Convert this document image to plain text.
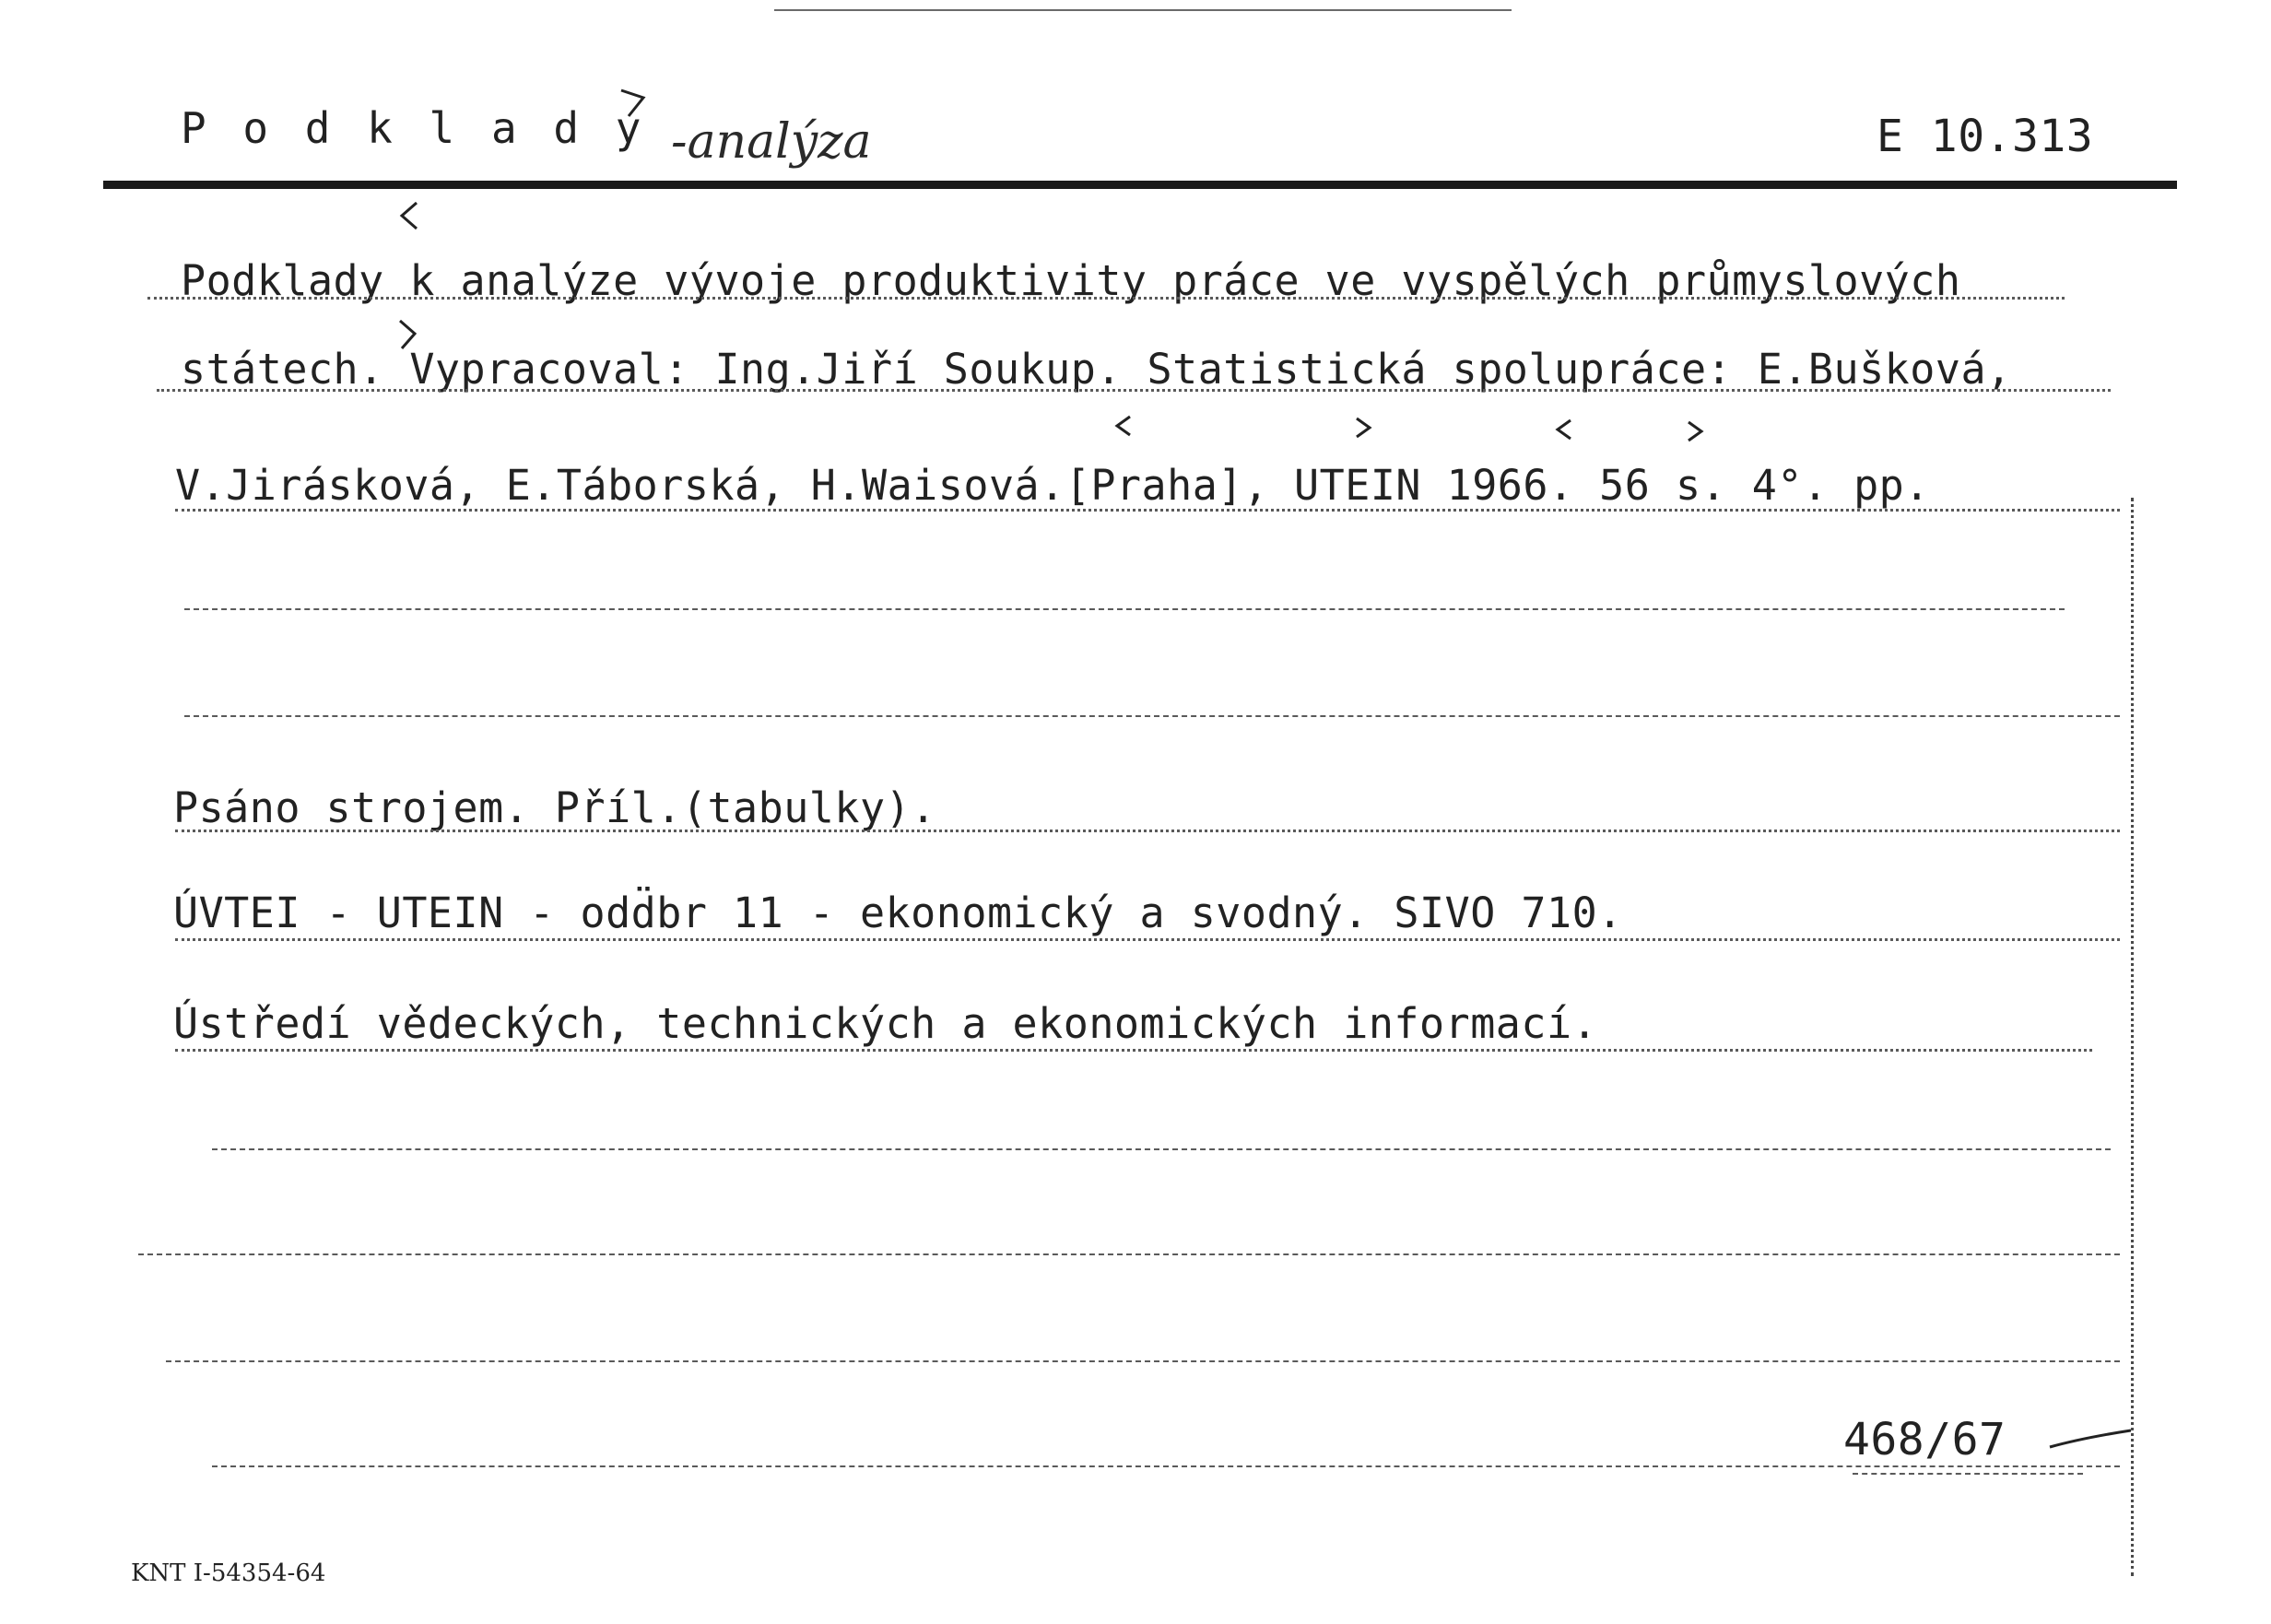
P o d k l a d y -analýza	E 10.313
Podklady k analýze vývoje produktivity práce ve vyspělých průmyslových
státech. Vypracoval: Ing.Jiří Soukup. Statistická spolupráce: E.Bušková,
V.Jirásková, E.Táborská, H.Waisová.[Praha], UTEIN 1966. 56 s. 4°. pp.
Psáno strojem. Příl.(tabulky).
ÚVTEI - UTEIN - odd̈br 11 - ekonomický a svodný. SIVO 710.
Ústředí vědeckých, technických a ekonomických informací.
468/67
KNT I-54354-64
